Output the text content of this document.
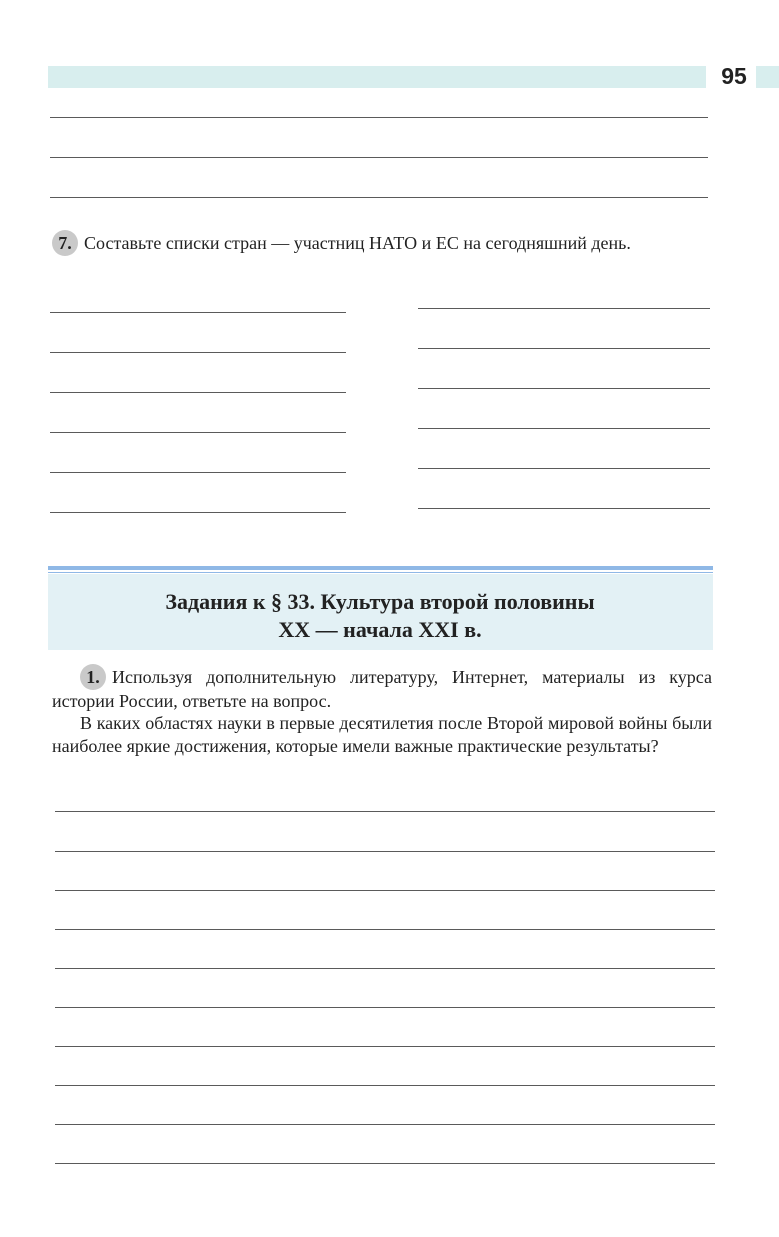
95
7. Составьте списки стран — участниц НАТО и ЕС на сегодняшний день.
Задания к § 33. Культура второй половины
XX — начала XXI в.
1. Используя дополнительную литературу, Интернет, материалы из курса истории России, ответьте на вопрос.
В каких областях науки в первые десятилетия после Второй мировой войны были наиболее яркие достижения, которые имели важные практические результаты?
